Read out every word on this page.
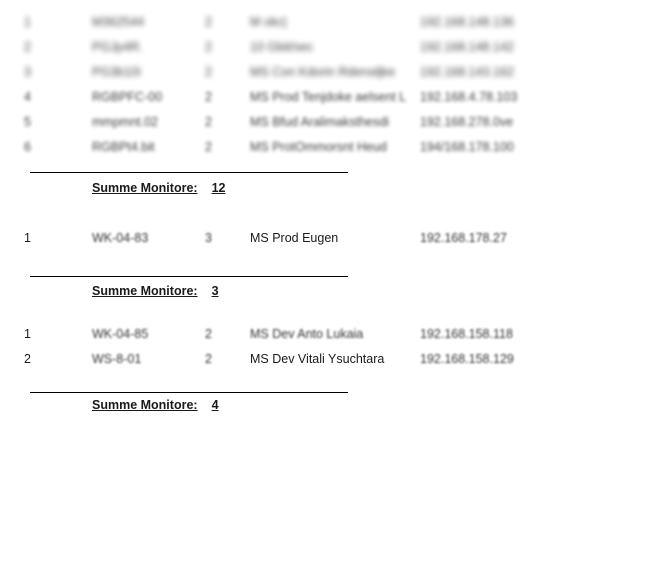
1	M362544	2	M okc|	192.168.148.136
2	PGJp4R.	2	10 Gbit/sec	192.168.148.142
3	PG3b10i	2	MS Con Kdorin Rderodjke	192.168.143.162
4	RGBPFC-00	2	MS Prod Tenjdoke aelsent L	192.168.4.78.103
5	mmpmnt.02	2	MS Bfud Aralimaksthesdi	192.168.278.0ve
6	RGBPt4.bit	2	MS ProtOmmorsnt Heud	194/168.178.100
Summe Monitore: 12
1	WK-04-83	3	MS Prod Eugen	192.168.178.27
Summe Monitore: 3
1	WK-04-85	2	MS Dev Anto Lukaia	192.168.158.118
2	WS-8-01	2	MS Dev Vitali Ysuchtara	192.168.158.129
Summe Monitore: 4
